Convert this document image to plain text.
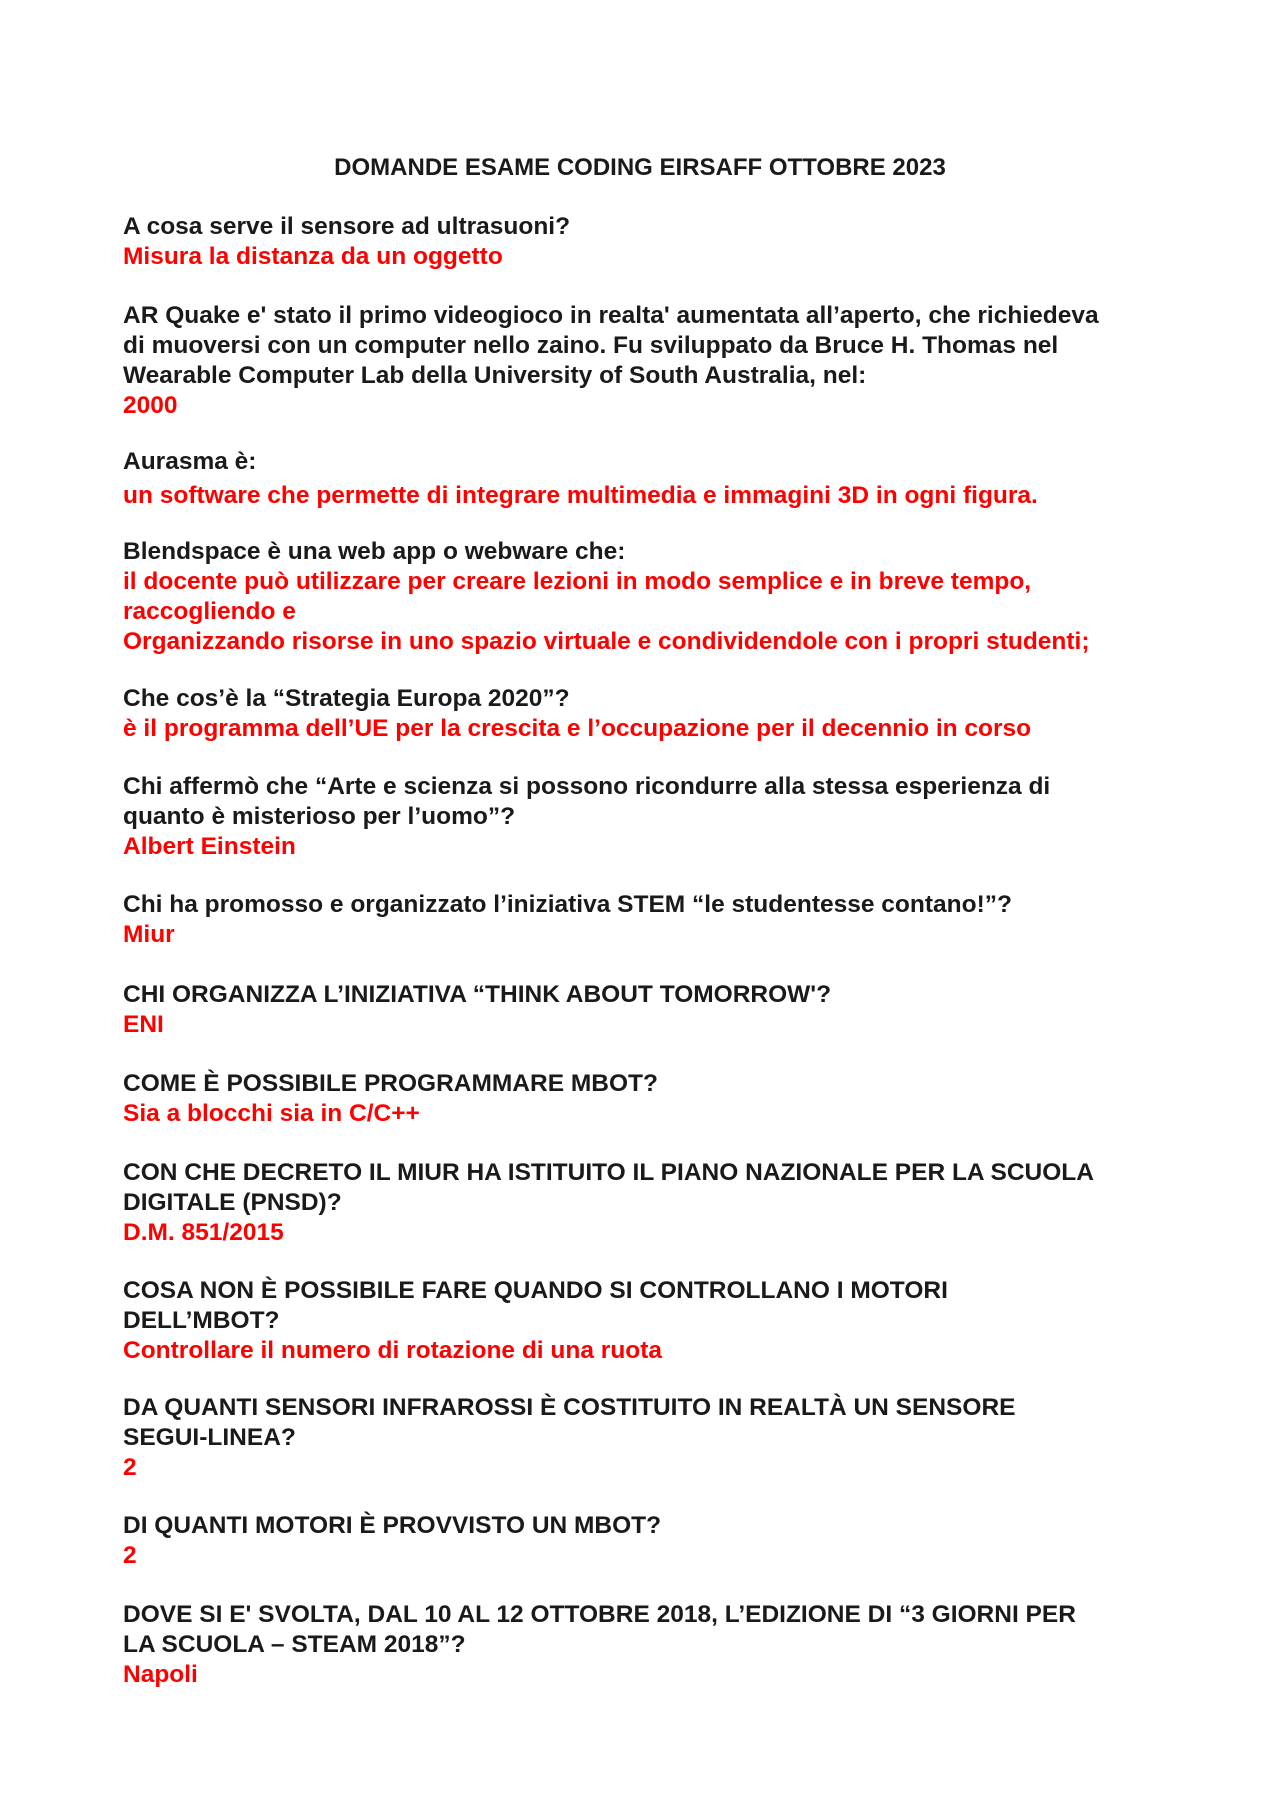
DOMANDE ESAME CODING EIRSAFF OTTOBRE 2023
A cosa serve il sensore ad ultrasuoni?
Misura la distanza da un oggetto
AR Quake e' stato il primo videogioco in realta' aumentata all’aperto, che richiedeva
di muoversi con un computer nello zaino. Fu sviluppato da Bruce H. Thomas nel
Wearable Computer Lab della University of South Australia, nel:
2000
Aurasma è:
un software che permette di integrare multimedia e immagini 3D in ogni figura.
Blendspace è una web app o webware che:
il docente può utilizzare per creare lezioni in modo semplice e in breve tempo,
raccogliendo e
Organizzando risorse in uno spazio virtuale e condividendole con i propri studenti;
Che cos’è la “Strategia Europa 2020”?
è il programma dell’UE per la crescita e l’occupazione per il decennio in corso
Chi affermò che “Arte e scienza si possono ricondurre alla stessa esperienza di
quanto è misterioso per l’uomo”?
Albert Einstein
Chi ha promosso e organizzato l’iniziativa STEM “le studentesse contano!”?
Miur
CHI ORGANIZZA L’INIZIATIVA “THINK ABOUT TOMORROW'?
ENI
COME È POSSIBILE PROGRAMMARE MBOT?
Sia a blocchi sia in C/C++
CON CHE DECRETO IL MIUR HA ISTITUITO IL PIANO NAZIONALE PER LA SCUOLA
DIGITALE (PNSD)?
D.M. 851/2015
COSA NON È POSSIBILE FARE QUANDO SI CONTROLLANO I MOTORI
DELL’MBOT?
Controllare il numero di rotazione di una ruota
DA QUANTI SENSORI INFRAROSSI È COSTITUITO IN REALTÀ UN SENSORE
SEGUI-LINEA?
2
DI QUANTI MOTORI È PROVVISTO UN MBOT?
2
DOVE SI E' SVOLTA, DAL 10 AL 12 OTTOBRE 2018, L’EDIZIONE DI “3 GIORNI PER
LA SCUOLA – STEAM 2018”?
Napoli
